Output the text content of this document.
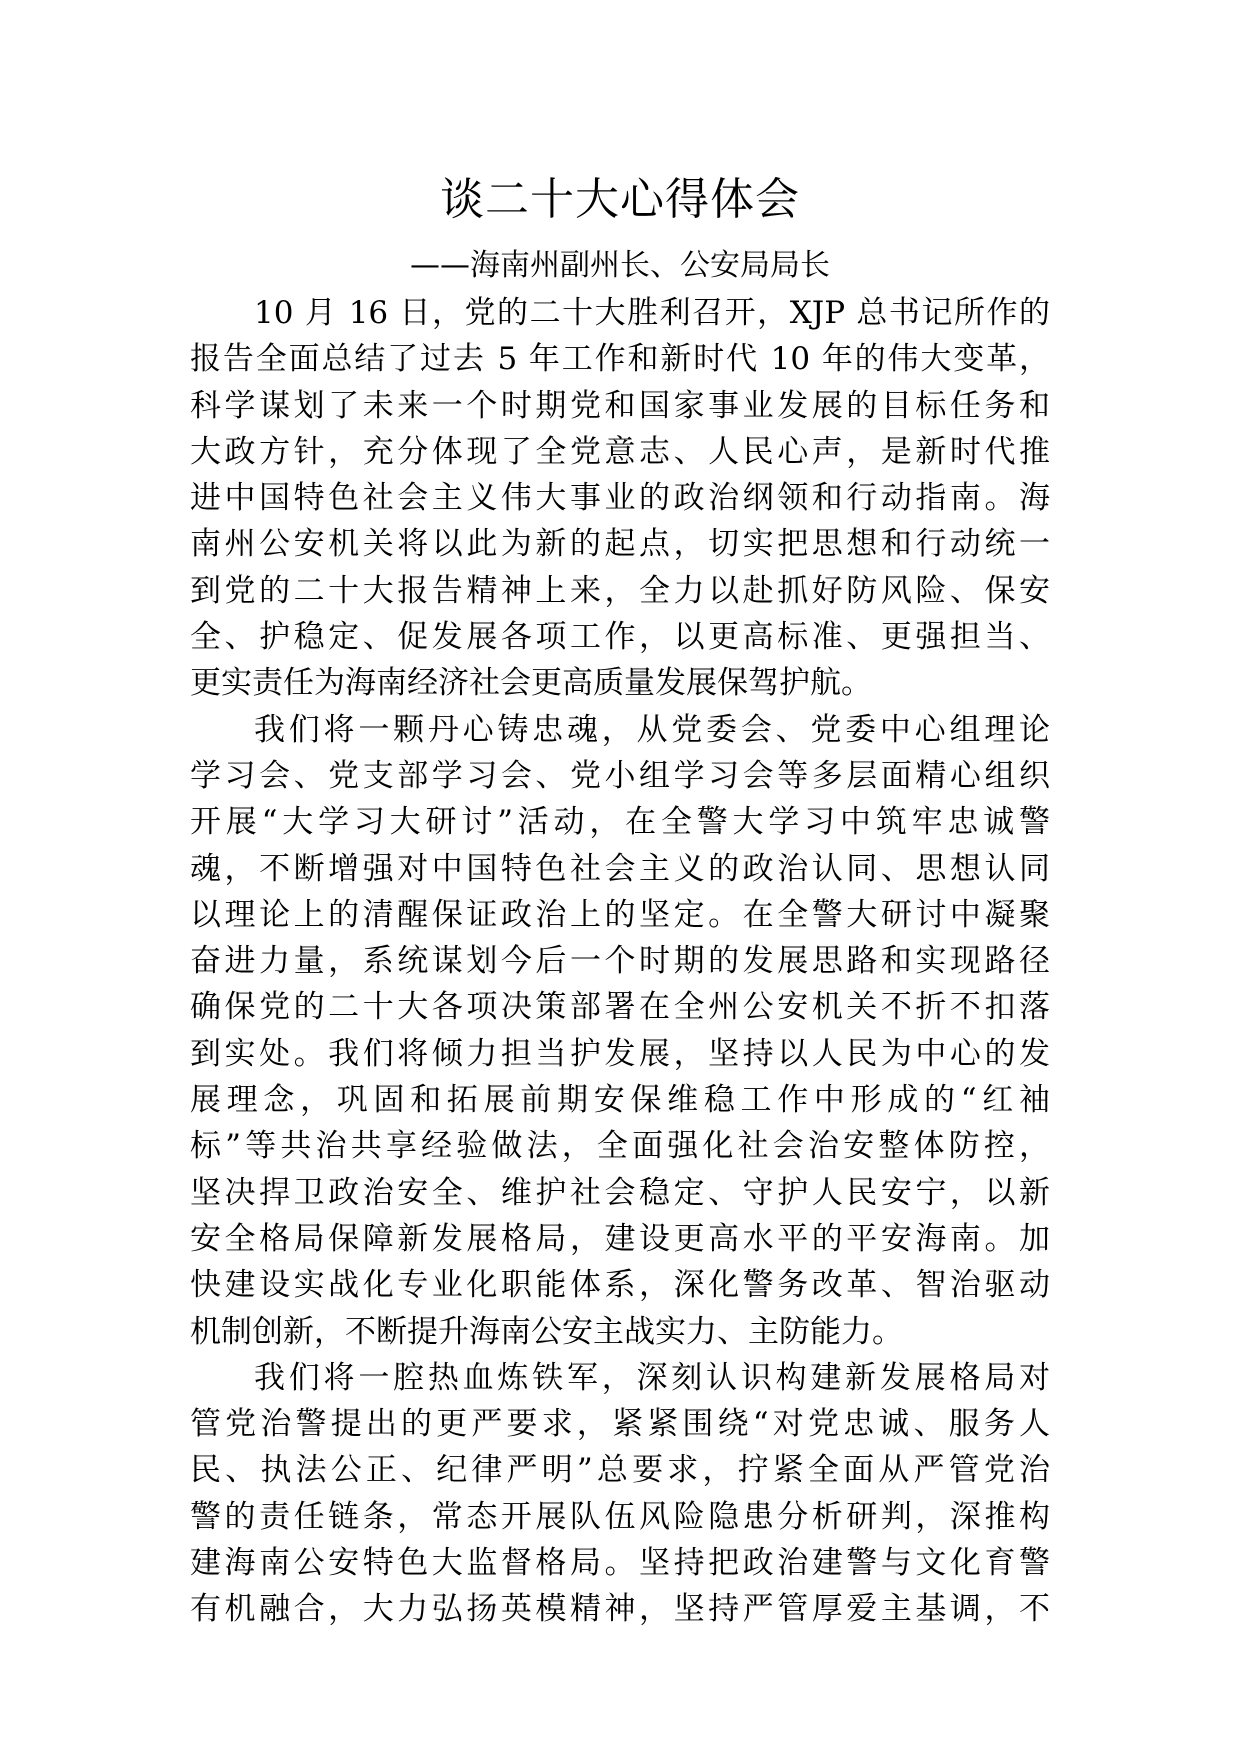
谈二十大心得体会
——海南州副州长、公安局局长
10 月 16 日，党的二十大胜利召开，XJP 总书记所作的
报告全面总结了过去 5 年工作和新时代 10 年的伟大变革，
科学谋划了未来一个时期党和国家事业发展的目标任务和
大政方针，充分体现了全党意志、人民心声，是新时代推
进中国特色社会主义伟大事业的政治纲领和行动指南。海
南州公安机关将以此为新的起点，切实把思想和行动统一
到党的二十大报告精神上来，全力以赴抓好防风险、保安
全、护稳定、促发展各项工作，以更高标准、更强担当、
更实责任为海南经济社会更高质量发展保驾护航。
我们将一颗丹心铸忠魂，从党委会、党委中心组理论
学习会、党支部学习会、党小组学习会等多层面精心组织
开展“大学习大研讨”活动，在全警大学习中筑牢忠诚警
魂，不断增强对中国特色社会主义的政治认同、思想认同
以理论上的清醒保证政治上的坚定。在全警大研讨中凝聚
奋进力量，系统谋划今后一个时期的发展思路和实现路径
确保党的二十大各项决策部署在全州公安机关不折不扣落
到实处。我们将倾力担当护发展，坚持以人民为中心的发
展理念，巩固和拓展前期安保维稳工作中形成的“红袖
标”等共治共享经验做法，全面强化社会治安整体防控，
坚决捍卫政治安全、维护社会稳定、守护人民安宁，以新
安全格局保障新发展格局，建设更高水平的平安海南。加
快建设实战化专业化职能体系，深化警务改革、智治驱动
机制创新，不断提升海南公安主战实力、主防能力。
我们将一腔热血炼铁军，深刻认识构建新发展格局对
管党治警提出的更严要求，紧紧围绕“对党忠诚、服务人
民、执法公正、纪律严明”总要求，拧紧全面从严管党治
警的责任链条，常态开展队伍风险隐患分析研判，深推构
建海南公安特色大监督格局。坚持把政治建警与文化育警
有机融合，大力弘扬英模精神，坚持严管厚爱主基调，不
